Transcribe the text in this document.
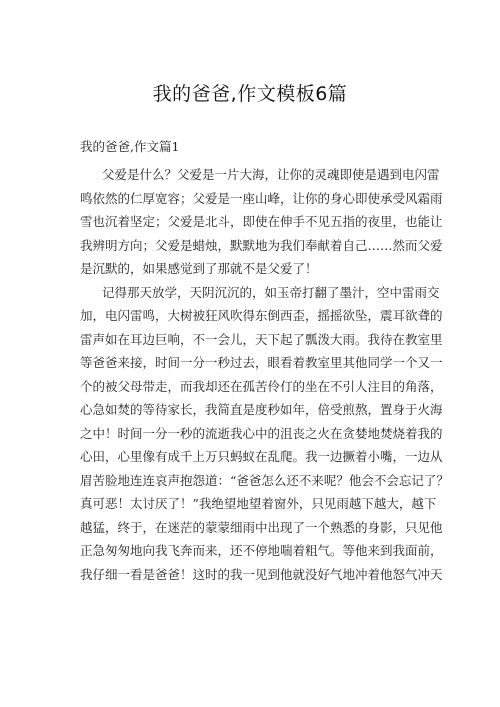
我的爸爸,作文模板6篇
我的爸爸,作文篇1
父爱是什么？父爱是一片大海，让你的灵魂即使是遇到电闪雷
鸣依然的仁厚宽容；父爱是一座山峰，让你的身心即使承受风霜雨
雪也沉着坚定；父爱是北斗，即使在伸手不见五指的夜里，也能让
我辨明方向；父爱是蜡烛，默默地为我们奉献着自己……然而父爱
是沉默的，如果感觉到了那就不是父爱了！
记得那天放学，天阴沉沉的，如玉帝打翻了墨汁，空中雷雨交
加，电闪雷鸣，大树被狂风吹得东倒西歪，摇摇欲坠，震耳欲聋的
雷声如在耳边巨响，不一会儿，天下起了瓢泼大雨。我待在教室里
等爸爸来接，时间一分一秒过去，眼看着教室里其他同学一个又一
个的被父母带走，而我却还在孤苦伶仃的坐在不引人注目的角落，
心急如焚的等待家长，我简直是度秒如年，倍受煎熬，置身于火海
之中！时间一分一秒的流逝我心中的沮丧之火在贪婪地焚烧着我的
心田，心里像有成千上万只蚂蚁在乱爬。我一边撅着小嘴，一边从
眉苦脸地连连哀声抱怨道：“爸爸怎么还不来呢？他会不会忘记了？
真可恶！太讨厌了！”我绝望地望着窗外，只见雨越下越大，越下
越猛，终于，在迷茫的蒙蒙细雨中出现了一个熟悉的身影，只见他
正急匆匆地向我飞奔而来，还不停地喘着粗气。等他来到我面前，
我仔细一看是爸爸！这时的我一见到他就没好气地冲着他怒气冲天
